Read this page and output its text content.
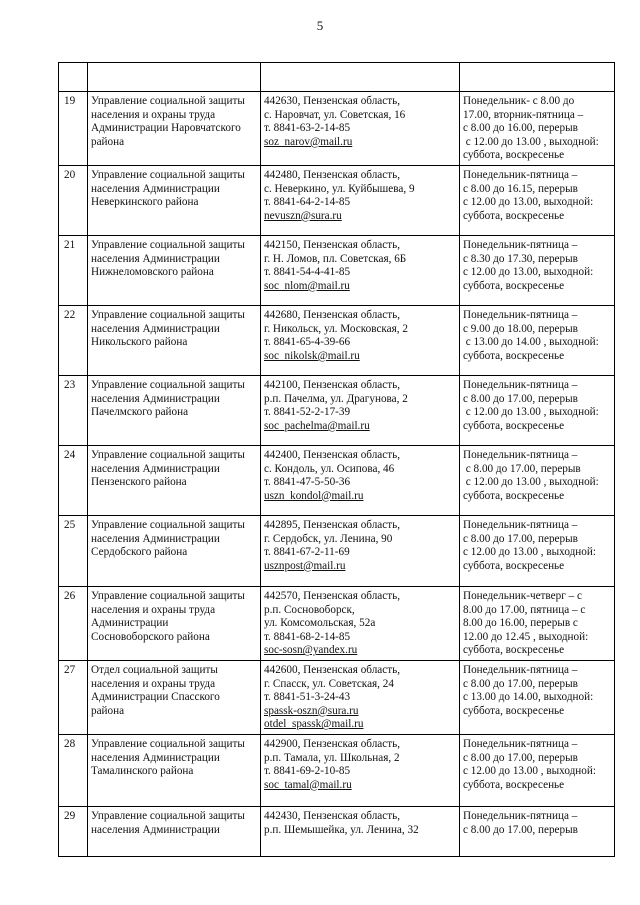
5

19	Управление социальной защиты
населения и охраны труда
Администрации Наровчатского
района	442630, Пензенская область,
с. Наровчат, ул. Советская, 16
т. 8841-63-2-14-85
soz_narov@mail.ru	Понедельник- с 8.00 до
17.00, вторник-пятница –
с 8.00 до 16.00, перерыв
с 12.00 до 13.00 , выходной:
суббота, воскресенье

20	Управление социальной защиты
населения Администрации
Неверкинского района	442480, Пензенская область,
с. Неверкино, ул. Куйбышева, 9
т. 8841-64-2-14-85
nevuszn@sura.ru	Понедельник-пятница –
с 8.00 до 16.15, перерыв
с 12.00 до 13.00, выходной:
суббота, воскресенье

21	Управление социальной защиты
населения Администрации
Нижнеломовского района	442150, Пензенская область,
г. Н. Ломов, пл. Советская, 6Б
т. 8841-54-4-41-85
soc_nlom@mail.ru	Понедельник-пятница –
с 8.30 до 17.30, перерыв
с 12.00 до 13.00, выходной:
суббота, воскресенье

22	Управление социальной защиты
населения Администрации
Никольского района	442680, Пензенская область,
г. Никольск, ул. Московская, 2
т. 8841-65-4-39-66
soc_nikolsk@mail.ru	Понедельник-пятница –
с 9.00 до 18.00, перерыв
с 13.00 до 14.00 , выходной:
суббота, воскресенье

23	Управление социальной защиты
населения Администрации
Пачелмского района	442100, Пензенская область,
р.п. Пачелма, ул. Драгунова, 2
т. 8841-52-2-17-39
soc_pachelma@mail.ru	Понедельник-пятница –
с 8.00 до 17.00, перерыв
с 12.00 до 13.00 , выходной:
суббота, воскресенье

24	Управление социальной защиты
населения Администрации
Пензенского района	442400, Пензенская область,
с. Кондоль, ул. Осипова, 46
т. 8841-47-5-50-36
uszn_kondol@mail.ru	Понедельник-пятница –
с 8.00 до 17.00, перерыв
с 12.00 до 13.00 , выходной:
суббота, воскресенье

25	Управление социальной защиты
населения Администрации
Сердобского района	442895, Пензенская область,
г. Сердобск, ул. Ленина, 90
т. 8841-67-2-11-69
usznpost@mail.ru	Понедельник-пятница –
с 8.00 до 17.00, перерыв
с 12.00 до 13.00 , выходной:
суббота, воскресенье

26	Управление социальной защиты
населения и охраны труда
Администрации
Сосновоборского района	442570, Пензенская область,
р.п. Сосновоборск,
ул. Комсомольская, 52а
т. 8841-68-2-14-85
soc-sosn@yandex.ru	Понедельник-четверг – с
8.00 до 17.00, пятница – с
8.00 до 16.00, перерыв с
12.00 до 12.45 , выходной:
суббота, воскресенье

27	Отдел социальной защиты
населения и охраны труда
Администрации Спасского
района	442600, Пензенская область,
г. Спасск, ул. Советская, 24
т. 8841-51-3-24-43
spassk-oszn@sura.ru
otdel_spassk@mail.ru	Понедельник-пятница –
с 8.00 до 17.00, перерыв
с 13.00 до 14.00, выходной:
суббота, воскресенье

28	Управление социальной защиты
населения Администрации
Тамалинского района	442900, Пензенская область,
р.п. Тамала, ул. Школьная, 2
т. 8841-69-2-10-85
soc_tamal@mail.ru	Понедельник-пятница –
с 8.00 до 17.00, перерыв
с 12.00 до 13.00 , выходной:
суббота, воскресенье

29	Управление социальной защиты
населения Администрации	442430, Пензенская область,
р.п. Шемышейка, ул. Ленина, 32	Понедельник-пятница –
с 8.00 до 17.00, перерыв
